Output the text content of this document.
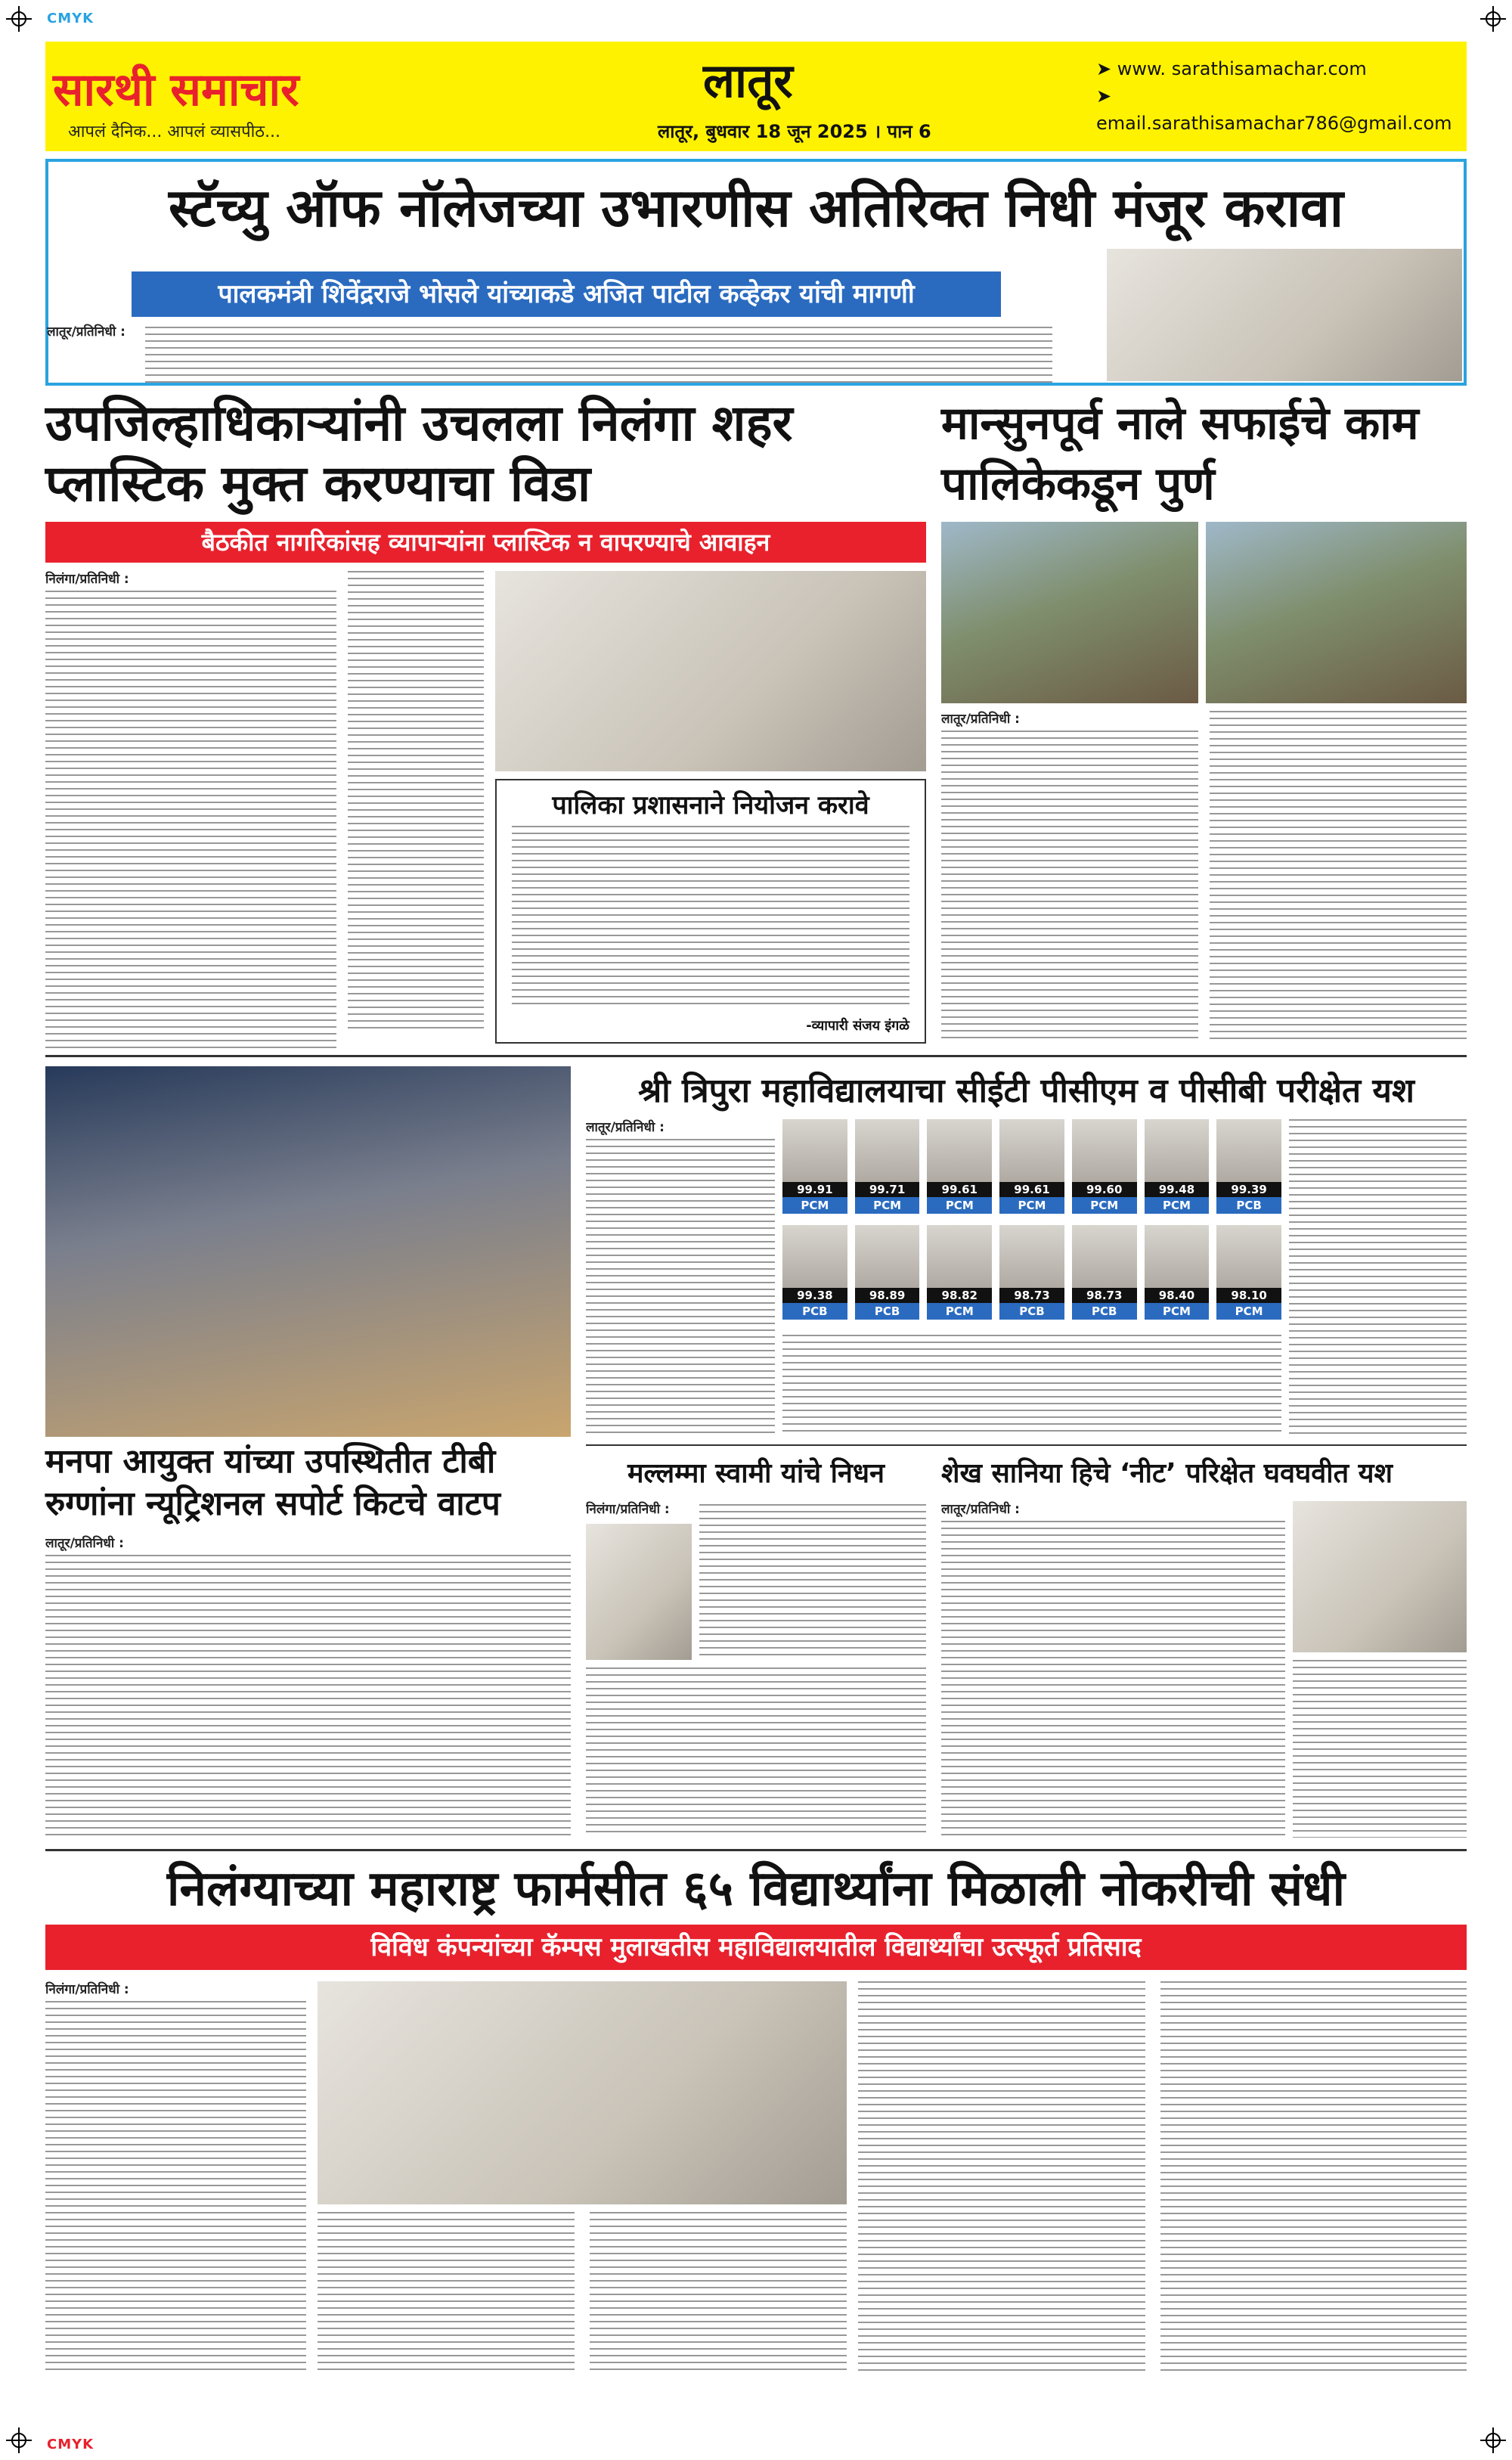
CMYK
CMYK
सारथी समाचार
आपलं दैनिक... आपलं व्यासपीठ...
लातूर
लातूर, बुधवार 18 जून 2025 । पान 6
➤ www. sarathisamachar.com
➤ email.sarathisamachar786@gmail.com
स्टॅच्यु ऑफ नॉलेजच्या उभारणीस अतिरिक्त निधी मंजूर करावा
पालकमंत्री शिवेंद्रराजे भोसले यांच्याकडे अजित पाटील कव्हेकर यांची मागणी
लातूर/प्रतिनिधी :
उपजिल्हाधिकाऱ्यांनी उचलला निलंगा शहर प्लास्टिक मुक्त करण्याचा विडा
बैठकीत नागरिकांसह व्यापाऱ्यांना प्लास्टिक न वापरण्याचे आवाहन
निलंगा/प्रतिनिधी :
पालिका प्रशासनाने नियोजन करावे
-व्यापारी संजय इंगळे
मान्सुनपूर्व नाले सफाईचे काम पालिकेकडून पुर्ण
लातूर/प्रतिनिधी :
मनपा आयुक्त यांच्या उपस्थितीत टीबी रुग्णांना न्यूट्रिशनल सपोर्ट किटचे वाटप
लातूर/प्रतिनिधी :
श्री त्रिपुरा महाविद्यालयाचा सीईटी पीसीएम व पीसीबी परीक्षेत यश
लातूर/प्रतिनिधी :
99.91
PCM
99.71
PCM
99.61
PCM
99.61
PCM
99.60
PCM
99.48
PCM
99.39
PCB
99.38
PCB
98.89
PCB
98.82
PCM
98.73
PCB
98.73
PCB
98.40
PCM
98.10
PCM
मल्लम्मा स्वामी यांचे निधन
निलंगा/प्रतिनिधी :
शेख सानिया हिचे ‘नीट’ परिक्षेत घवघवीत यश
लातूर/प्रतिनिधी :
निलंग्याच्या महाराष्ट्र फार्मसीत ६५ विद्यार्थ्यांना मिळाली नोकरीची संधी
विविध कंपन्यांच्या कॅम्पस मुलाखतीस महाविद्यालयातील विद्यार्थ्यांचा उत्स्फूर्त प्रतिसाद
निलंगा/प्रतिनिधी :
